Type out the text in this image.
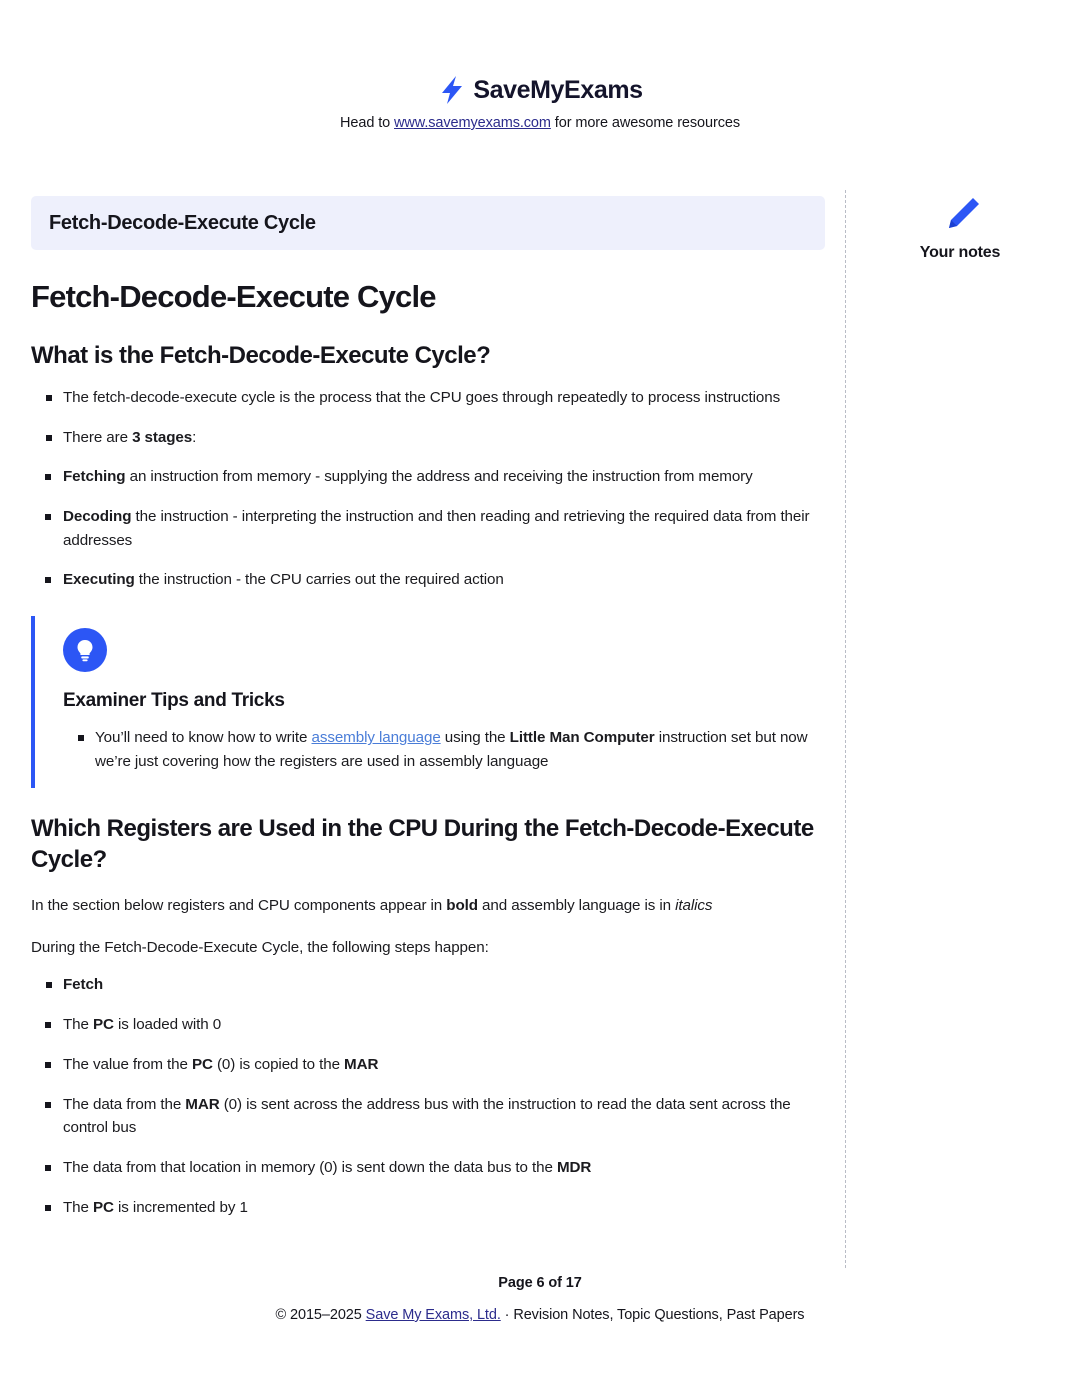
SaveMyExams
Head to www.savemyexams.com for more awesome resources
Your notes
Fetch-Decode-Execute Cycle
Fetch-Decode-Execute Cycle
What is the Fetch-Decode-Execute Cycle?
The fetch-decode-execute cycle is the process that the CPU goes through repeatedly to process instructions
There are 3 stages:
Fetching an instruction from memory - supplying the address and receiving the instruction from memory
Decoding the instruction - interpreting the instruction and then reading and retrieving the required data from their addresses
Executing the instruction - the CPU carries out the required action
Examiner Tips and Tricks
You’ll need to know how to write assembly language using the Little Man Computer instruction set but now we’re just covering how the registers are used in assembly language
Which Registers are Used in the CPU During the Fetch-Decode-Execute Cycle?

In the section below registers and CPU components appear in bold and assembly language is in italics

During the Fetch-Decode-Execute Cycle, the following steps happen:

Fetch
The PC is loaded with 0
The value from the PC (0) is copied to the MAR
The data from the MAR (0) is sent across the address bus with the instruction to read the data sent across the control bus
The data from that location in memory (0) is sent down the data bus to the MDR
The PC is incremented by 1
Page 6 of 17
© 2015–2025 Save My Exams, Ltd. · Revision Notes, Topic Questions, Past Papers
